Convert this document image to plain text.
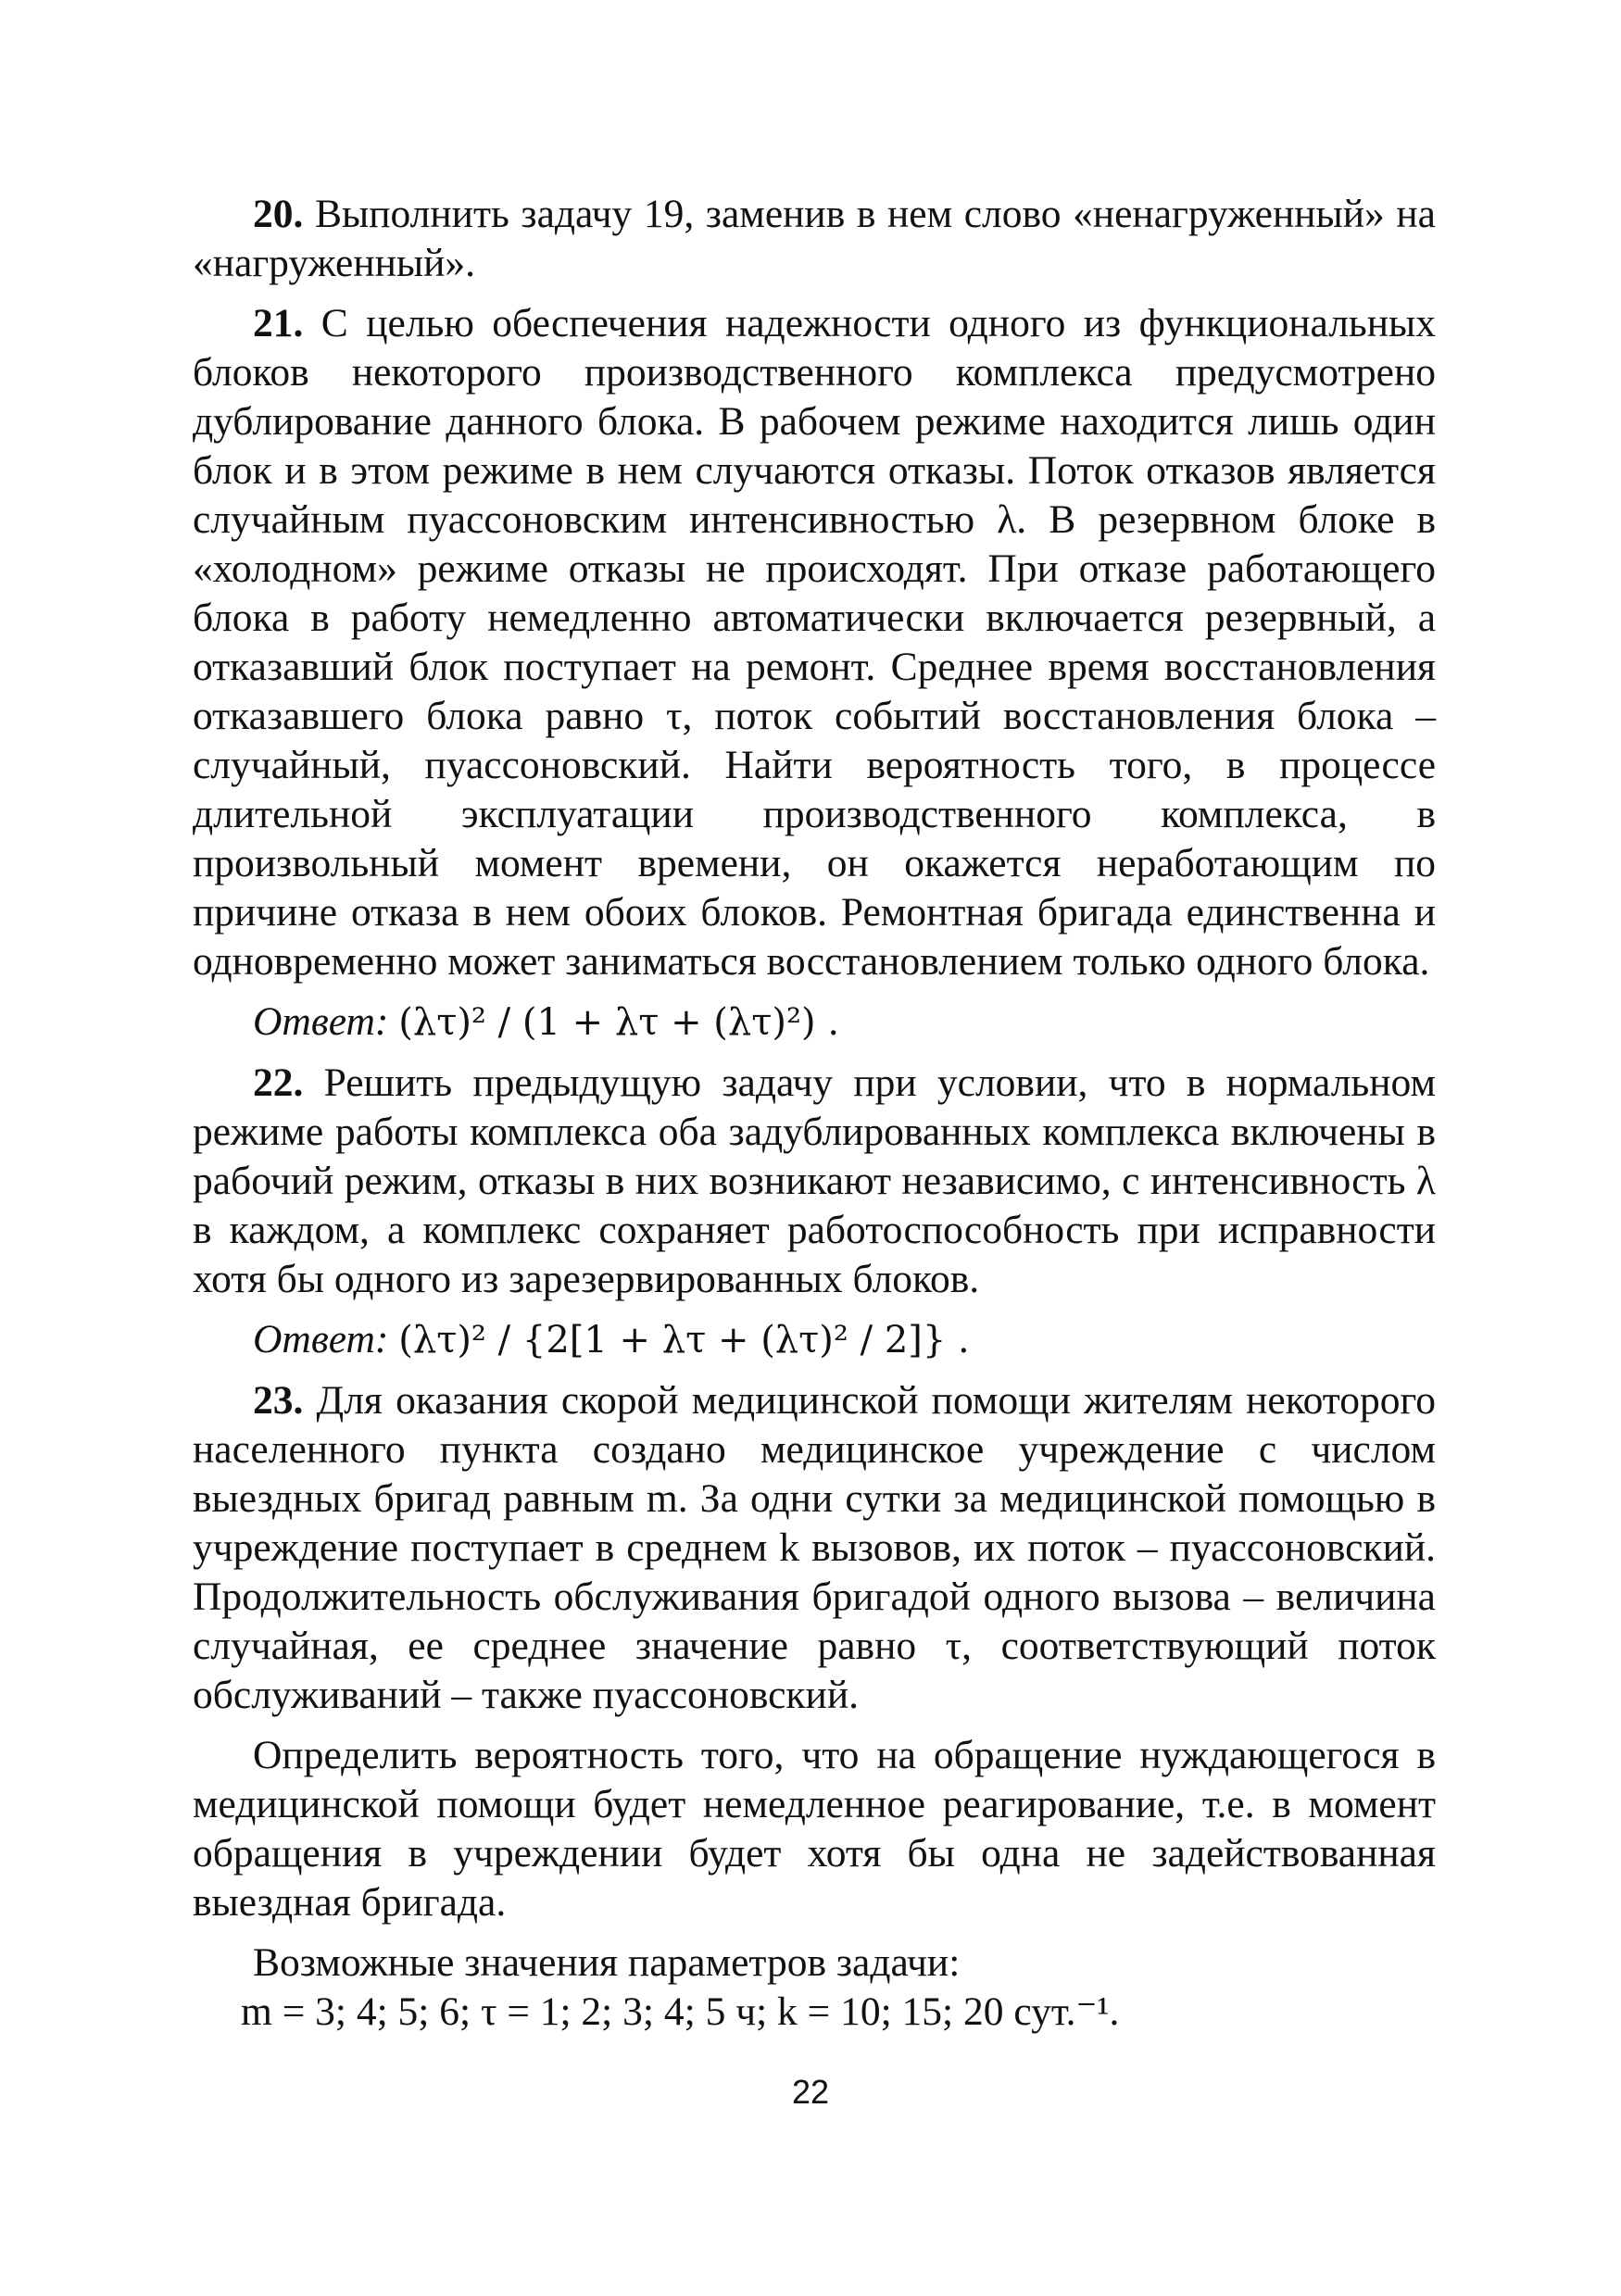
20. Выполнить задачу 19, заменив в нем слово «ненагруженный» на «нагруженный».

21. С целью обеспечения надежности одного из функциональных блоков некоторого производственного комплекса предусмотрено дублирование данного блока. В рабочем режиме находится лишь один блок и в этом режиме в нем случаются отказы. Поток отказов является случайным пуассоновским интенсивностью λ. В резервном блоке в «холодном» режиме отказы не происходят. При отказе работающего блока в работу немедленно автоматически включается резервный, а отказавший блок поступает на ремонт. Среднее время восстановления отказавшего блока равно τ, поток событий восстановления блока – случайный, пуассоновский. Найти вероятность того, в процессе длительной эксплуатации производственного комплекса, в произвольный момент времени, он окажется неработающим по причине отказа в нем обоих блоков. Ремонтная бригада единственна и одновременно может заниматься восстановлением только одного блока.

Ответ: (λτ)² / (1 + λτ + (λτ)²) .

22. Решить предыдущую задачу при условии, что в нормальном режиме работы комплекса оба задублированных комплекса включены в рабочий режим, отказы в них возникают независимо, с интенсивность λ в каждом, а комплекс сохраняет работоспособность при исправности хотя бы одного из зарезервированных блоков.

Ответ: (λτ)² / {2[1 + λτ + (λτ)² / 2]} .

23. Для оказания скорой медицинской помощи жителям некоторого населенного пункта создано медицинское учреждение с числом выездных бригад равным m. За одни сутки за медицинской помощью в учреждение поступает в среднем k вызовов, их поток – пуассоновский. Продолжительность обслуживания бригадой одного вызова – величина случайная, ее среднее значение равно τ, соответствующий поток обслуживаний – также пуассоновский.

Определить вероятность того, что на обращение нуждающегося в медицинской помощи будет немедленное реагирование, т.е. в момент обращения в учреждении будет хотя бы одна не задействованная выездная бригада.

Возможные значения параметров задачи:

m = 3; 4; 5; 6; τ = 1; 2; 3; 4; 5 ч; k = 10; 15; 20 сут.⁻¹.

22
